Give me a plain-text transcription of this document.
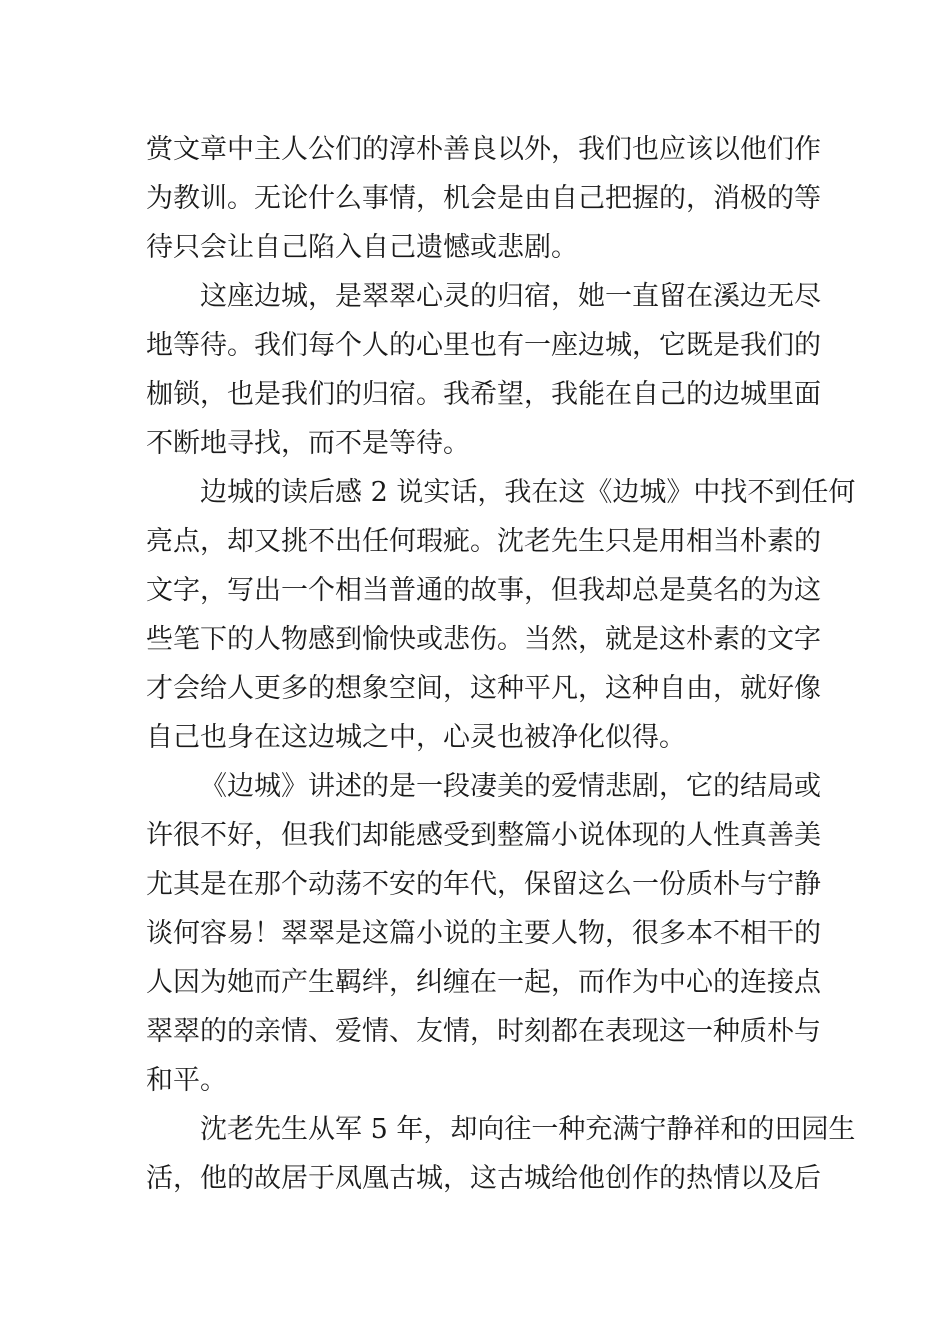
赏文章中主人公们的淳朴善良以外，我们也应该以他们作
为教训。无论什么事情，机会是由自己把握的，消极的等
待只会让自己陷入自己遗憾或悲剧。
这座边城，是翠翠心灵的归宿，她一直留在溪边无尽
地等待。我们每个人的心里也有一座边城，它既是我们的
枷锁，也是我们的归宿。我希望，我能在自己的边城里面
不断地寻找，而不是等待。
边城的读后感 2 说实话，我在这《边城》中找不到任何
亮点，却又挑不出任何瑕疵。沈老先生只是用相当朴素的
文字，写出一个相当普通的故事，但我却总是莫名的为这
些笔下的人物感到愉快或悲伤。当然，就是这朴素的文字
才会给人更多的想象空间，这种平凡，这种自由，就好像
自己也身在这边城之中，心灵也被净化似得。
《边城》讲述的是一段凄美的爱情悲剧，它的结局或
许很不好，但我们却能感受到整篇小说体现的人性真善美
尤其是在那个动荡不安的年代，保留这么一份质朴与宁静
谈何容易！翠翠是这篇小说的主要人物，很多本不相干的
人因为她而产生羁绊，纠缠在一起，而作为中心的连接点
翠翠的的亲情、爱情、友情，时刻都在表现这一种质朴与
和平。
沈老先生从军 5 年，却向往一种充满宁静祥和的田园生
活，他的故居于凤凰古城，这古城给他创作的热情以及后
